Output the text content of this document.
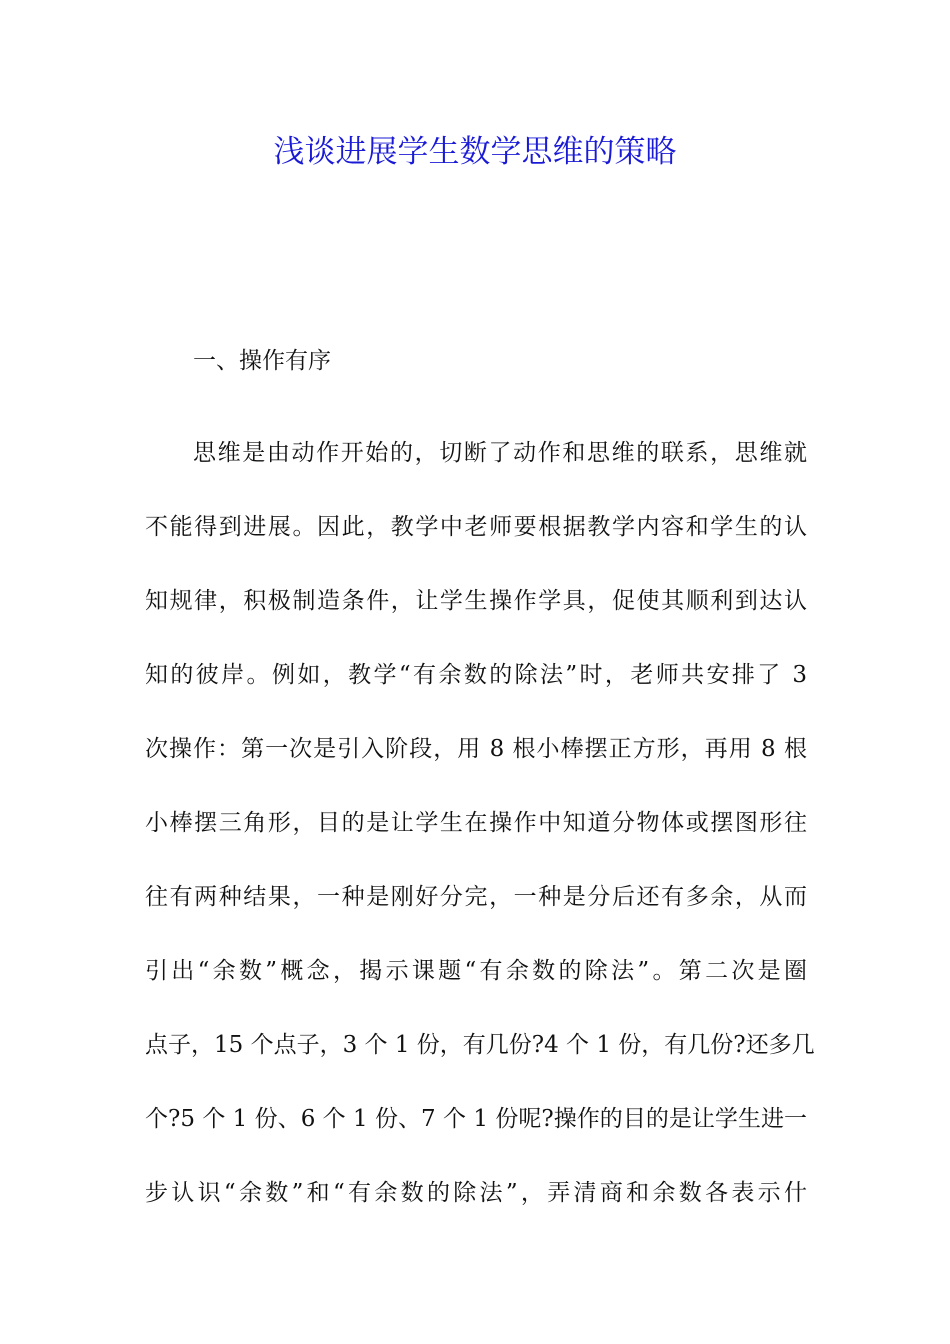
浅谈进展学生数学思维的策略

一、操作有序

思维是由动作开始的，切断了动作和思维的联系，思维就
不能得到进展。因此，教学中老师要根据教学内容和学生的认
知规律，积极制造条件，让学生操作学具，促使其顺利到达认
知的彼岸。例如，教学“有余数的除法”时，老师共安排了 3
次操作：第一次是引入阶段，用 8 根小棒摆正方形，再用 8 根
小棒摆三角形，目的是让学生在操作中知道分物体或摆图形往
往有两种结果，一种是刚好分完，一种是分后还有多余，从而
引出“余数”概念，揭示课题“有余数的除法”。第二次是圈
点子，15 个点子，3 个 1 份，有几份?4 个 1 份，有几份?还多几
个?5 个 1 份、6 个 1 份、7 个 1 份呢?操作的目的是让学生进一
步认识“余数”和“有余数的除法”，弄清商和余数各表示什
